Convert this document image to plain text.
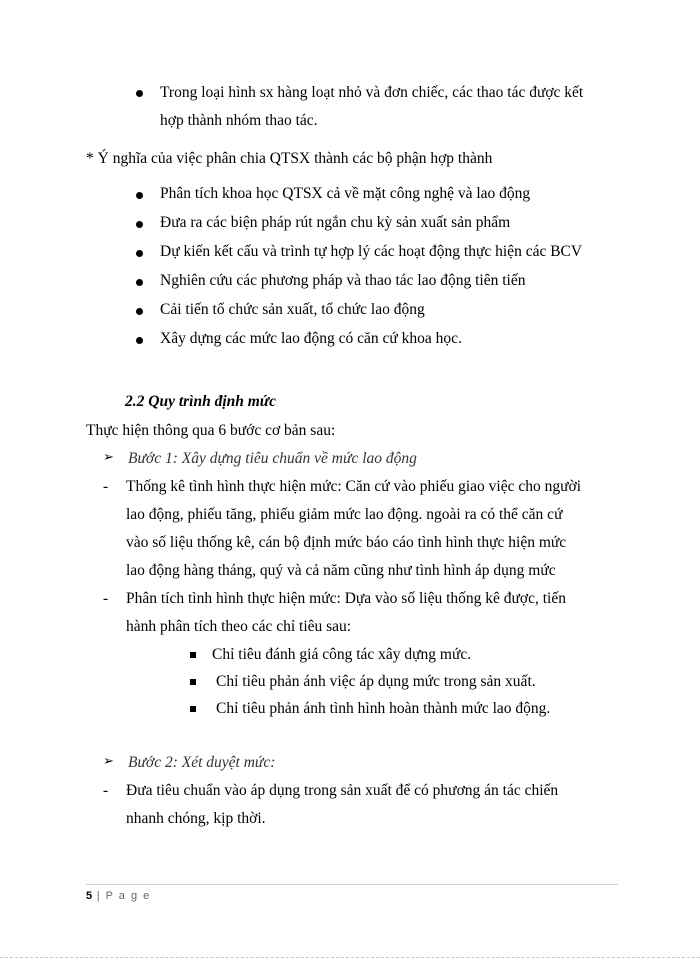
Trong loại hình sx hàng loạt nhỏ và đơn chiếc, các thao tác được kết
hợp thành nhóm thao tác.
* Ý nghĩa của việc phân chia QTSX thành các bộ phận hợp thành
Phân tích khoa học QTSX cả về mặt công nghệ và lao động
Đưa ra các biện pháp rút ngắn chu kỳ sản xuất sản phẩm
Dự kiến kết cấu và trình tự hợp lý các hoạt động thực hiện các BCV
Nghiên cứu các phương pháp và thao tác lao động tiên tiến
Cải tiến tổ chức sản xuất, tổ chức lao động
Xây dựng các mức lao động có căn cứ khoa học.
2.2 Quy trình định mức
Thực hiện thông qua 6 bước cơ bản sau:
➢ Bước 1: Xây dựng tiêu chuẩn về mức lao động
- Thống kê tình hình thực hiện mức: Căn cứ vào phiếu giao việc cho người
lao động, phiếu tăng, phiếu giảm mức lao động. ngoài ra có thể căn cứ
vào số liệu thống kê, cán bộ định mức báo cáo tình hình thực hiện mức
lao động hàng tháng, quý và cả năm cũng như tình hình áp dụng mức
- Phân tích tình hình thực hiện mức: Dựa vào số liệu thống kê được, tiến
hành phân tích theo các chỉ tiêu sau:
Chỉ tiêu đánh giá công tác xây dựng mức.
Chỉ tiêu phản ánh việc áp dụng mức trong sản xuất.
Chỉ tiêu phản ánh tình hình hoàn thành mức lao động.
➢ Bước 2: Xét duyệt mức:
- Đưa tiêu chuẩn vào áp dụng trong sản xuất để có phương án tác chiến
nhanh chóng, kịp thời.
5 | P a g e
